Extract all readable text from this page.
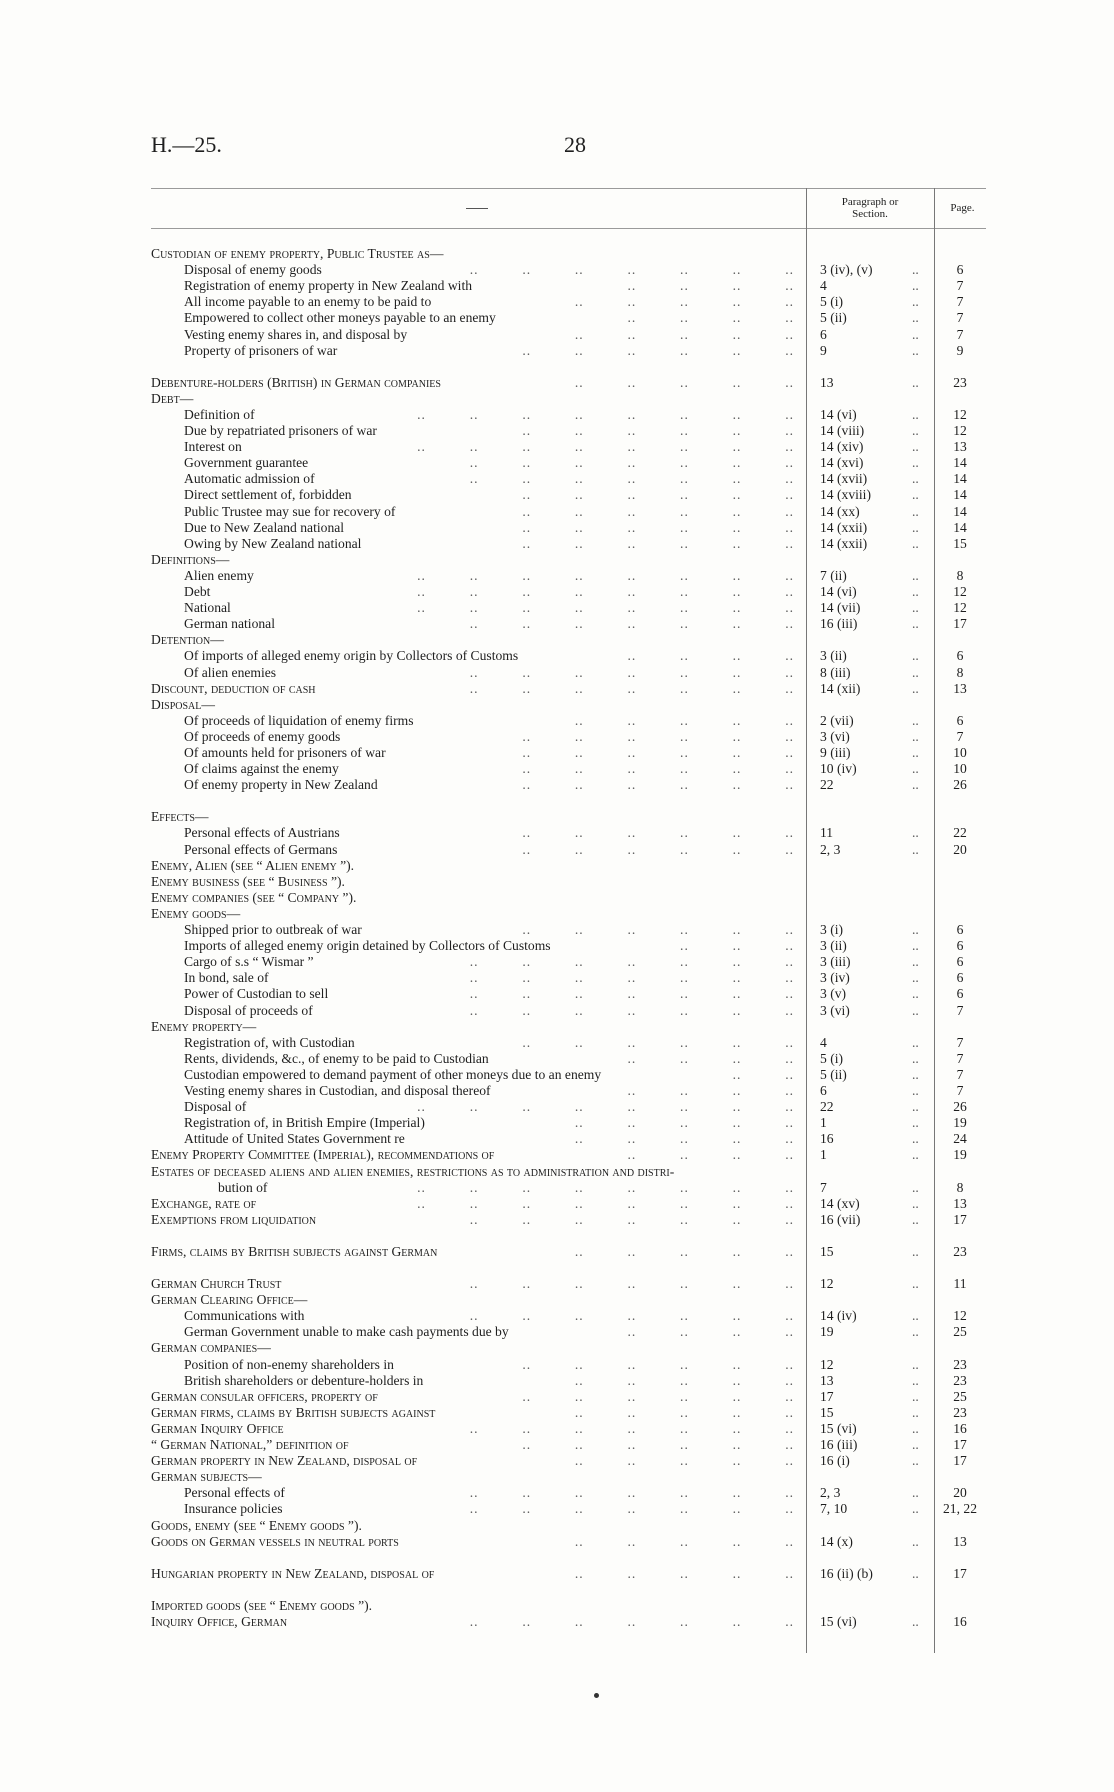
H.—25.	28
Paragraph or
Section.	Page.
Custodian of enemy property, Public Trustee as—
Disposal of enemy goods	3 (iv), (v)	..	6
..   ..   ..   ..   ..   ..   ..
Registration of enemy property in New Zealand with	4	..	7
..   ..   ..   ..
All income payable to an enemy to be paid to	5 (i)	..	7
..   ..   ..   ..   ..
Empowered to collect other moneys payable to an enemy	5 (ii)	..	7
..   ..   ..   ..
Vesting enemy shares in, and disposal by	6	..	7
..   ..   ..   ..   ..
Property of prisoners of war	9	..	9
..   ..   ..   ..   ..   ..
Debenture-holders (British) in German companies	13	..	23
..   ..   ..   ..   ..
Debt—
Definition of	14 (vi)	..	12
..   ..   ..   ..   ..   ..   ..   ..
Due by repatriated prisoners of war	14 (viii)	..	12
..   ..   ..   ..   ..   ..
Interest on	14 (xiv)	..	13
..   ..   ..   ..   ..   ..   ..   ..
Government guarantee	14 (xvi)	..	14
..   ..   ..   ..   ..   ..   ..
Automatic admission of	14 (xvii)	..	14
..   ..   ..   ..   ..   ..   ..
Direct settlement of, forbidden	14 (xviii)	..	14
..   ..   ..   ..   ..   ..
Public Trustee may sue for recovery of	14 (xx)	..	14
..   ..   ..   ..   ..   ..
Due to New Zealand national	14 (xxii)	..	14
..   ..   ..   ..   ..   ..
Owing by New Zealand national	14 (xxii)	..	15
..   ..   ..   ..   ..   ..
Definitions—
Alien enemy	7 (ii)	..	8
..   ..   ..   ..   ..   ..   ..   ..
Debt	14 (vi)	..	12
..   ..   ..   ..   ..   ..   ..   ..
National	14 (vii)	..	12
..   ..   ..   ..   ..   ..   ..   ..
German national	16 (iii)	..	17
..   ..   ..   ..   ..   ..   ..
Detention—
Of imports of alleged enemy origin by Collectors of Customs	3 (ii)	..	6
..   ..   ..   ..
Of alien enemies	8 (iii)	..	8
..   ..   ..   ..   ..   ..   ..
Discount, deduction of cash	14 (xii)	..	13
..   ..   ..   ..   ..   ..   ..
Disposal—
Of proceeds of liquidation of enemy firms	2 (vii)	..	6
..   ..   ..   ..   ..
Of proceeds of enemy goods	3 (vi)	..	7
..   ..   ..   ..   ..   ..
Of amounts held for prisoners of war	9 (iii)	..	10
..   ..   ..   ..   ..   ..
Of claims against the enemy	10 (iv)	..	10
..   ..   ..   ..   ..   ..
Of enemy property in New Zealand	22	..	26
..   ..   ..   ..   ..   ..
Effects—
Personal effects of Austrians	11	..	22
..   ..   ..   ..   ..   ..
Personal effects of Germans	2, 3	..	20
..   ..   ..   ..   ..   ..
Enemy, Alien (see “ Alien enemy ”).
Enemy business (see “ Business ”).
Enemy companies (see “ Company ”).
Enemy goods—
Shipped prior to outbreak of war	3 (i)	..	6
..   ..   ..   ..   ..   ..
Imports of alleged enemy origin detained by Collectors of Customs	3 (ii)	..	6
..   ..   ..
Cargo of s.s “ Wismar ”	3 (iii)	..	6
..   ..   ..   ..   ..   ..   ..
In bond, sale of	3 (iv)	..	6
..   ..   ..   ..   ..   ..   ..
Power of Custodian to sell	3 (v)	..	6
..   ..   ..   ..   ..   ..   ..
Disposal of proceeds of	3 (vi)	..	7
..   ..   ..   ..   ..   ..   ..
Enemy property—
Registration of, with Custodian	4	..	7
..   ..   ..   ..   ..   ..
Rents, dividends, &c., of enemy to be paid to Custodian	5 (i)	..	7
..   ..   ..   ..
Custodian empowered to demand payment of other moneys due to an enemy	5 (ii)	..	7
..   ..
Vesting enemy shares in Custodian, and disposal thereof	6	..	7
..   ..   ..   ..
Disposal of	22	..	26
..   ..   ..   ..   ..   ..   ..   ..
Registration of, in British Empire (Imperial)	1	..	19
..   ..   ..   ..   ..
Attitude of United States Government re	16	..	24
..   ..   ..   ..   ..
Enemy Property Committee (Imperial), recommendations of	1	..	19
..   ..   ..   ..
Estates of deceased aliens and alien enemies, restrictions as to administration and distri-
bution of	7	..	8
..   ..   ..   ..   ..   ..   ..   ..
Exchange, rate of	14 (xv)	..	13
..   ..   ..   ..   ..   ..   ..   ..
Exemptions from liquidation	16 (vii)	..	17
..   ..   ..   ..   ..   ..   ..
Firms, claims by British subjects against German	15	..	23
..   ..   ..   ..   ..
German Church Trust	12	..	11
..   ..   ..   ..   ..   ..   ..
German Clearing Office—
Communications with	14 (iv)	..	12
..   ..   ..   ..   ..   ..   ..
German Government unable to make cash payments due by	19	..	25
..   ..   ..   ..
German companies—
Position of non-enemy shareholders in	12	..	23
..   ..   ..   ..   ..   ..
British shareholders or debenture-holders in	13	..	23
..   ..   ..   ..   ..
German consular officers, property of	17	..	25
..   ..   ..   ..   ..   ..
German firms, claims by British subjects against	15	..	23
..   ..   ..   ..   ..
German Inquiry Office	15 (vi)	..	16
..   ..   ..   ..   ..   ..   ..
“ German National,” definition of	16 (iii)	..	17
..   ..   ..   ..   ..   ..
German property in New Zealand, disposal of	16 (i)	..	17
..   ..   ..   ..   ..
German subjects—
Personal effects of	2, 3	..	20
..   ..   ..   ..   ..   ..   ..
Insurance policies	7, 10	..	21, 22
..   ..   ..   ..   ..   ..   ..
Goods, enemy (see “ Enemy goods ”).
Goods on German vessels in neutral ports	14 (x)	..	13
..   ..   ..   ..   ..
Hungarian property in New Zealand, disposal of	16 (ii) (b)	..	17
..   ..   ..   ..   ..
Imported goods (see “ Enemy goods ”).
Inquiry Office, German	15 (vi)	..	16
..   ..   ..   ..   ..   ..   ..
